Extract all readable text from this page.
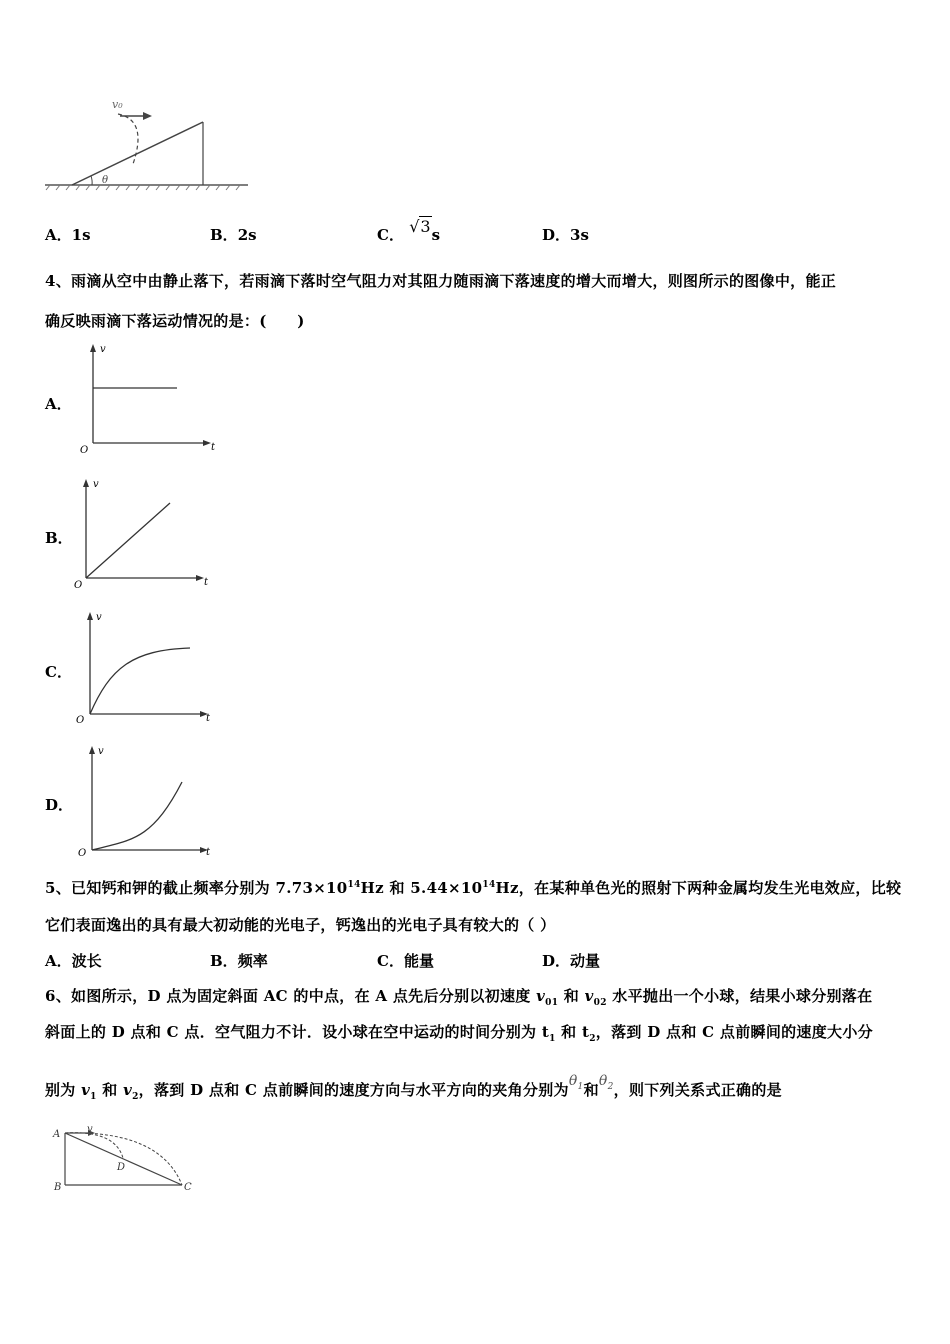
v₀
θ
A．1s	B．2s	C． √3s	D．3s
4、雨滴从空中由静止落下，若雨滴下落时空气阻力对其阻力随雨滴下落速度的增大而增大，则图所示的图像中，能正
确反映雨滴下落运动情况的是：(　　)
A．
v
t
O
B．
v
t
O
C．
v
t
O
D．
v
t
O
5、已知钙和钾的截止频率分别为 $7.73\times 10^{14}Hz$ 和 $5.44\times 10^{14}Hz$，在某种单色光的照射下两种金属均发生光电效应，比较
它们表面逸出的具有最大初动能的光电子，钙逸出的光电子具有较大的（ ）
A．波长	B．频率	C．能量	D．动量
6、如图所示，D 点为固定斜面 AC 的中点，在 A 点先后分别以初速度 $v_{01}$ 和 $v_{02}$ 水平抛出一个小球，结果小球分别落在
斜面上的 D 点和 C 点．空气阻力不计．设小球在空中运动的时间分别为 $t_1$ 和 $t_2$，落到 D 点和 C 点前瞬间的速度大小分
别为 $v_1$ 和 $v_2$，落到 D 点和 C 点前瞬间的速度方向与水平方向的夹角分别为$\theta_1$和$\theta_2$，则下列关系式正确的是
A	v
D
B	C
